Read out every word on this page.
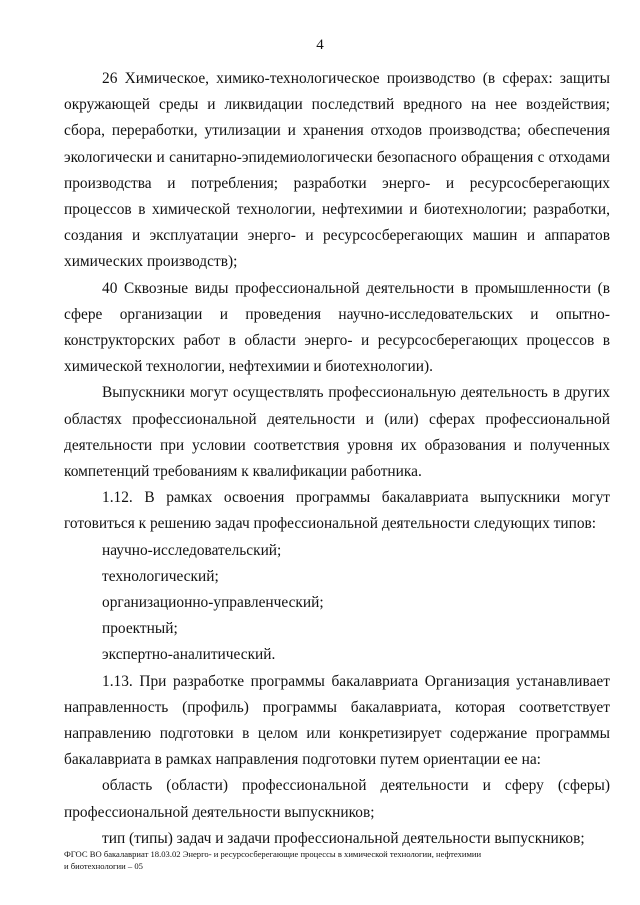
4

26 Химическое, химико-технологическое производство (в сферах: защиты окружающей среды и ликвидации последствий вредного на нее воздействия; сбора, переработки, утилизации и хранения отходов производства; обеспечения экологически и санитарно-эпидемиологически безопасного обращения с отходами производства и потребления; разработки энерго- и ресурсосберегающих процессов в химической технологии, нефтехимии и биотехнологии; разработки, создания и эксплуатации энерго- и ресурсосберегающих машин и аппаратов химических производств);

40 Сквозные виды профессиональной деятельности в промышленности (в сфере организации и проведения научно-исследовательских и опытно-конструкторских работ в области энерго- и ресурсосберегающих процессов в химической технологии, нефтехимии и биотехнологии).

Выпускники могут осуществлять профессиональную деятельность в других областях профессиональной деятельности и (или) сферах профессиональной деятельности при условии соответствия уровня их образования и полученных компетенций требованиям к квалификации работника.

1.12. В рамках освоения программы бакалавриата выпускники могут готовиться к решению задач профессиональной деятельности следующих типов:

научно-исследовательский;

технологический;

организационно-управленческий;

проектный;

экспертно-аналитический.

1.13. При разработке программы бакалавриата Организация устанавливает направленность (профиль) программы бакалавриата, которая соответствует направлению подготовки в целом или конкретизирует содержание программы бакалавриата в рамках направления подготовки путем ориентации ее на:

область (области) профессиональной деятельности и сферу (сферы) профессиональной деятельности выпускников;

тип (типы) задач и задачи профессиональной деятельности выпускников;

ФГОС ВО бакалавриат 18.03.02 Энерго- и ресурсосберегающие процессы в химической технологии, нефтехимии
и биотехнологии – 05
